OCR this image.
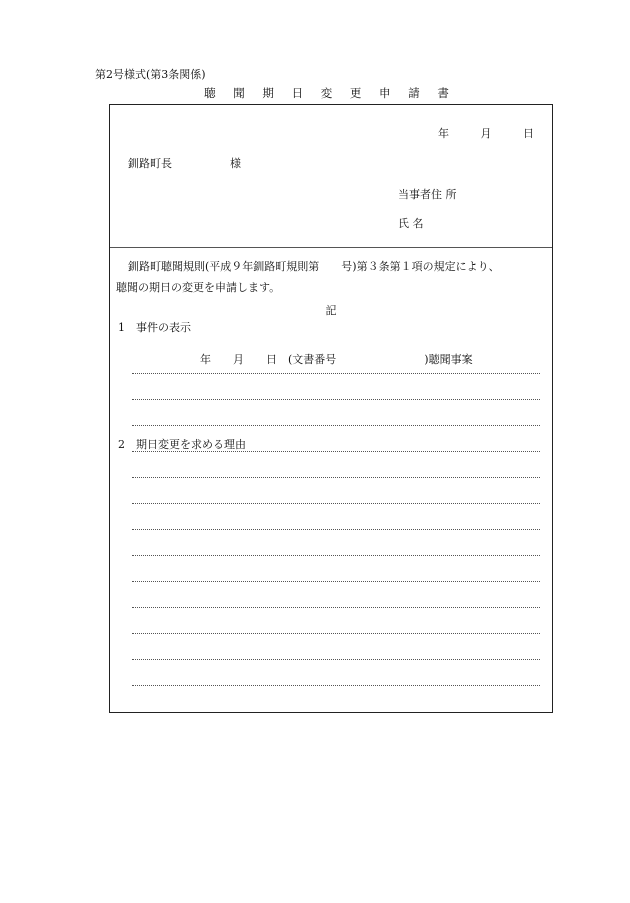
第2号様式(第3条関係)
聴 聞 期 日 変 更 申 請 書
年	月	日
釧路町長	様
当事者住 所
氏 名
釧路町聴聞規則(平成９年釧路町規則第　　号)第３条第１項の規定により、
聴聞の期日の変更を申請します。
記
1 事件の表示
年　　月　　日　(文書番号　　　　　　　　)聴聞事案
2 期日変更を求める理由
